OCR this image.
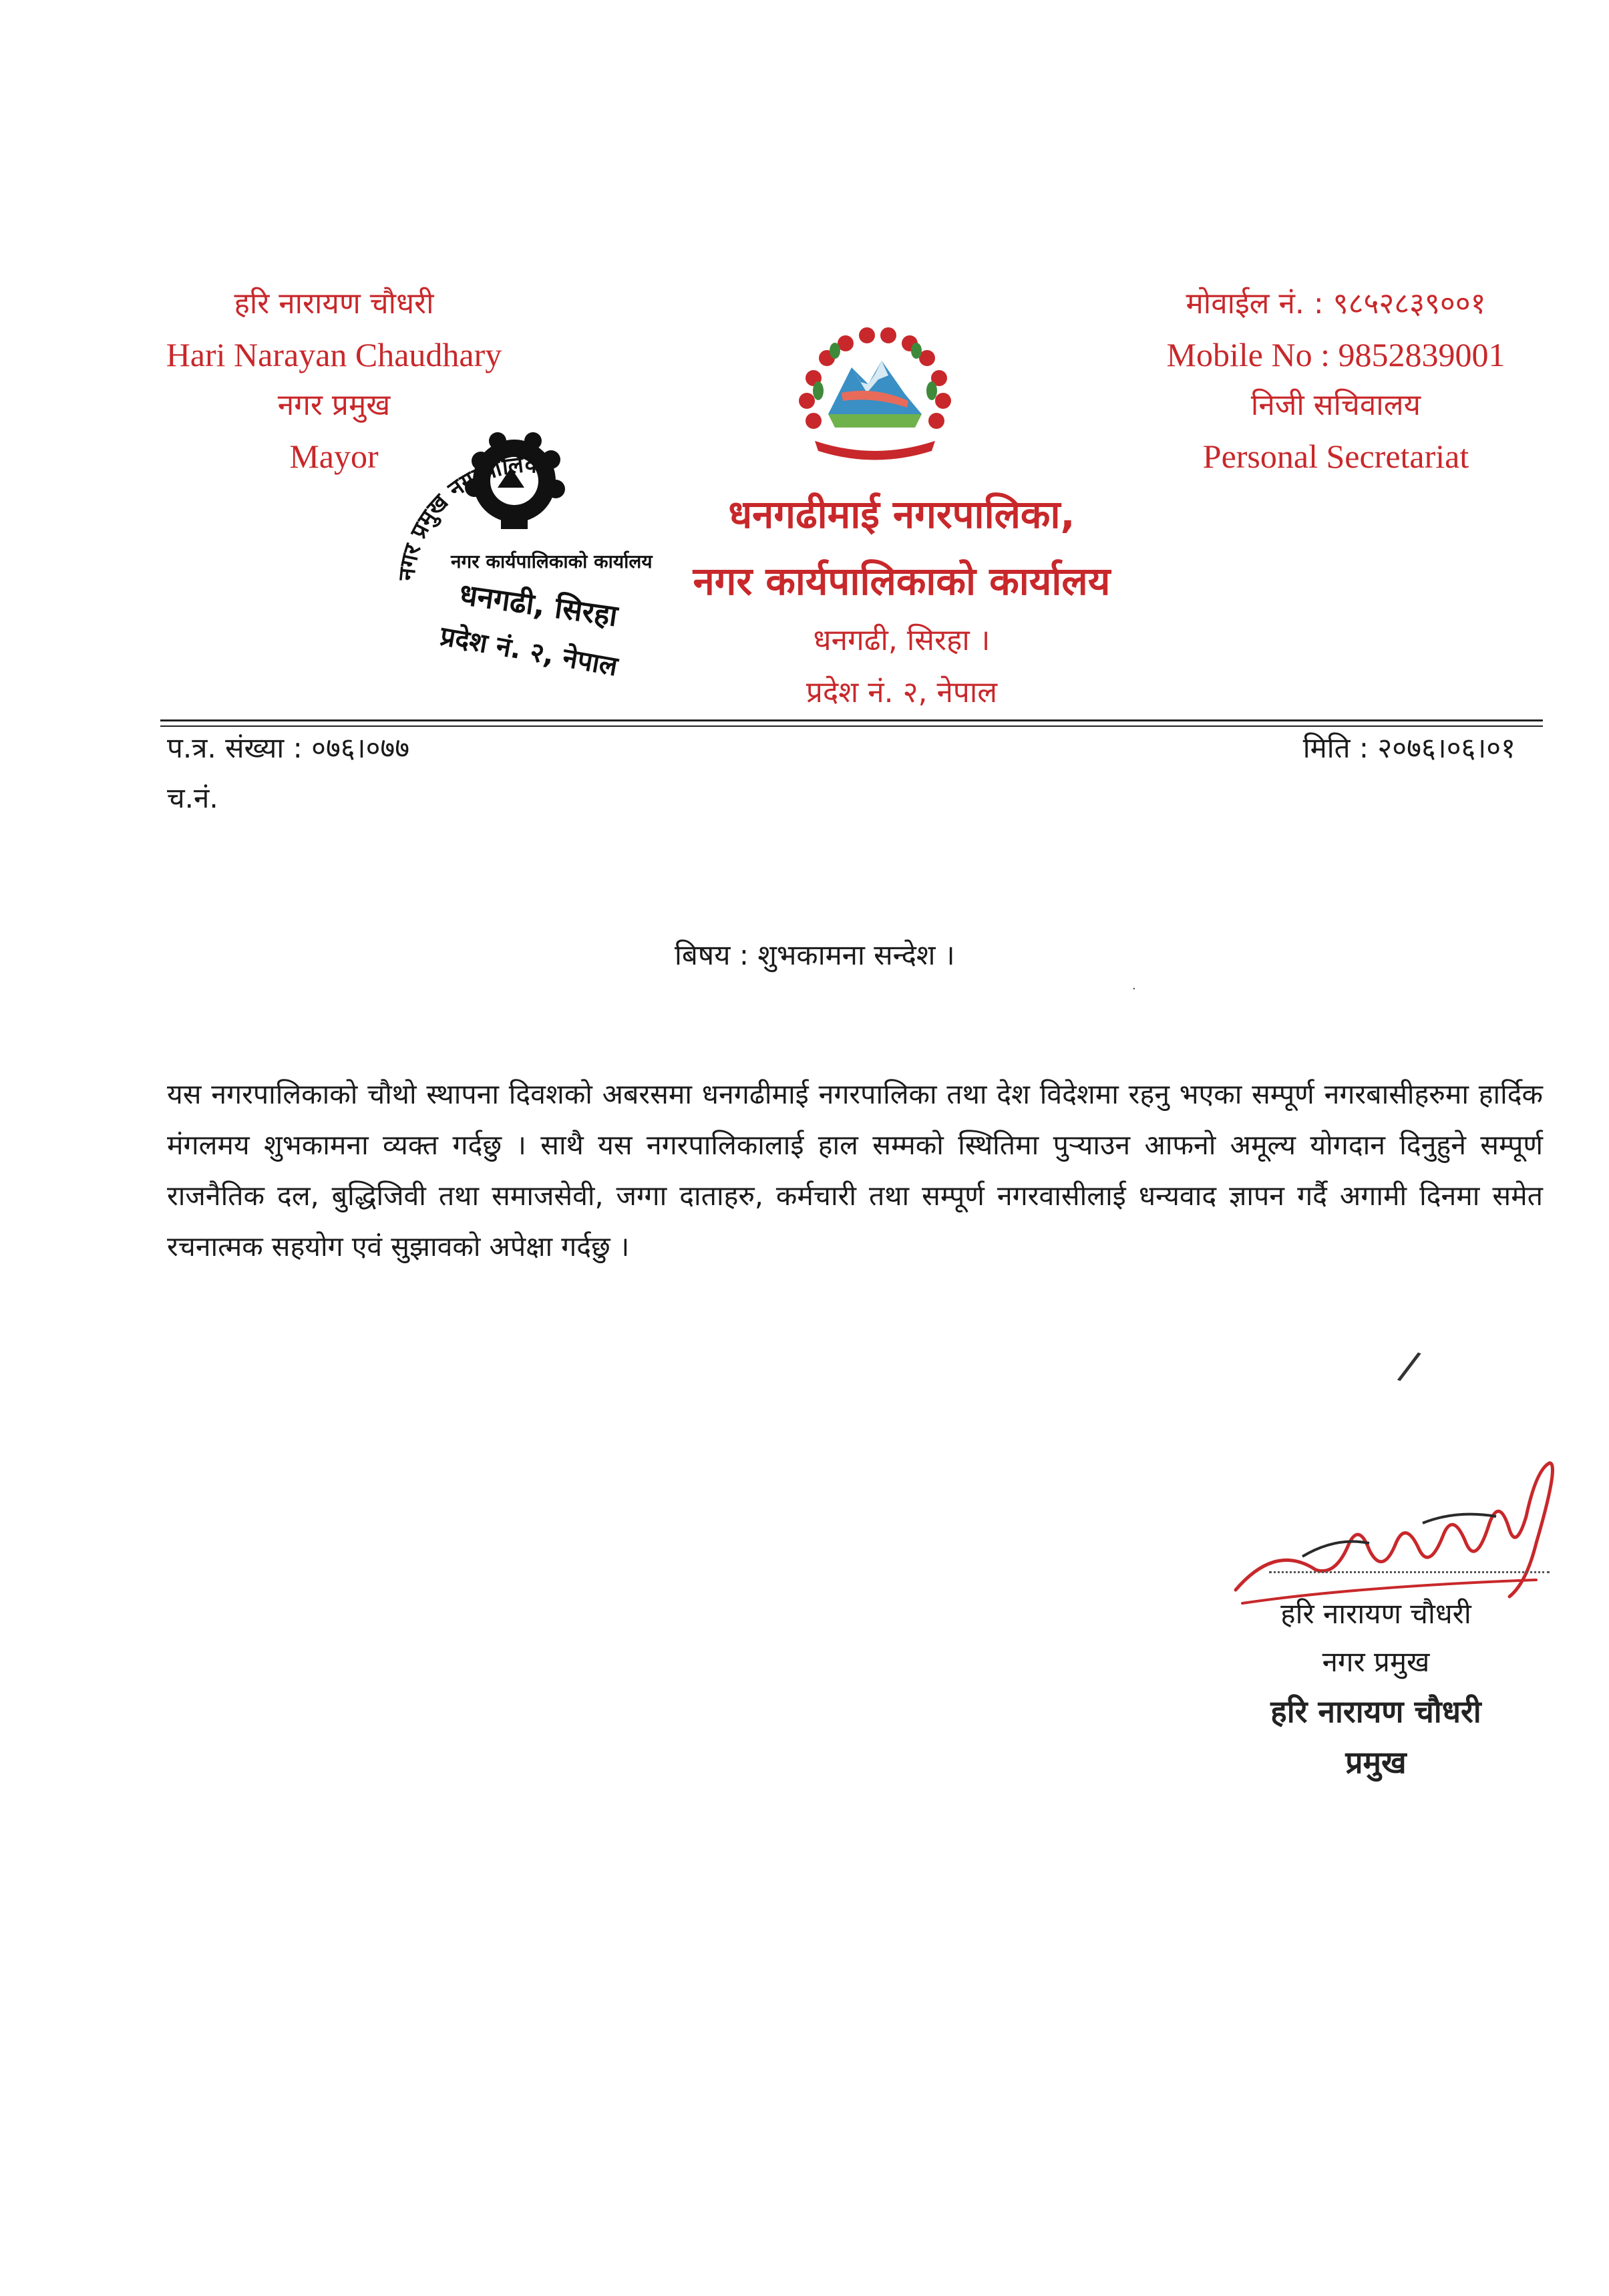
हरि नारायण चौधरी
Hari Narayan Chaudhary
नगर प्रमुख
Mayor
मोवाईल नं. : ९८५२८३९००१
Mobile No : 9852839001
निजी सचिवालय
Personal Secretariat
नगर प्रमुख नगरपालिका
नगर कार्यपालिकाको कार्यालय
धनगढी, सिरहा
प्रदेश नं. २, नेपाल
धनगढीमाई नगरपालिका,
नगर कार्यपालिकाको कार्यालय
धनगढी, सिरहा ।
प्रदेश नं. २, नेपाल
प.त्र. संख्या : ०७६।०७७
च.नं.
मिति : २०७६।०६।०१
बिषय : शुभकामना सन्देश ।
यस नगरपालिकाको चौथो स्थापना दिवशको अबरसमा धनगढीमाई नगरपालिका तथा देश विदेशमा रहनु भएका सम्पूर्ण नगरबासीहरुमा हार्दिक मंगलमय शुभकामना व्यक्त गर्दछु । साथै यस नगरपालिकालाई हाल सम्मको स्थितिमा पुऱ्याउन आफनो अमूल्य योगदान दिनुहुने सम्पूर्ण राजनैतिक दल, बुद्धिजिवी तथा समाजसेवी, जग्गा दाताहरु, कर्मचारी तथा सम्पूर्ण नगरवासीलाई धन्यवाद ज्ञापन गर्दै अगामी दिनमा समेत रचनात्मक सहयोग एवं सुझावको अपेक्षा गर्दछु ।
हरि नारायण चौधरी
नगर प्रमुख
हरि नारायण चौधरी
प्रमुख
/
·
